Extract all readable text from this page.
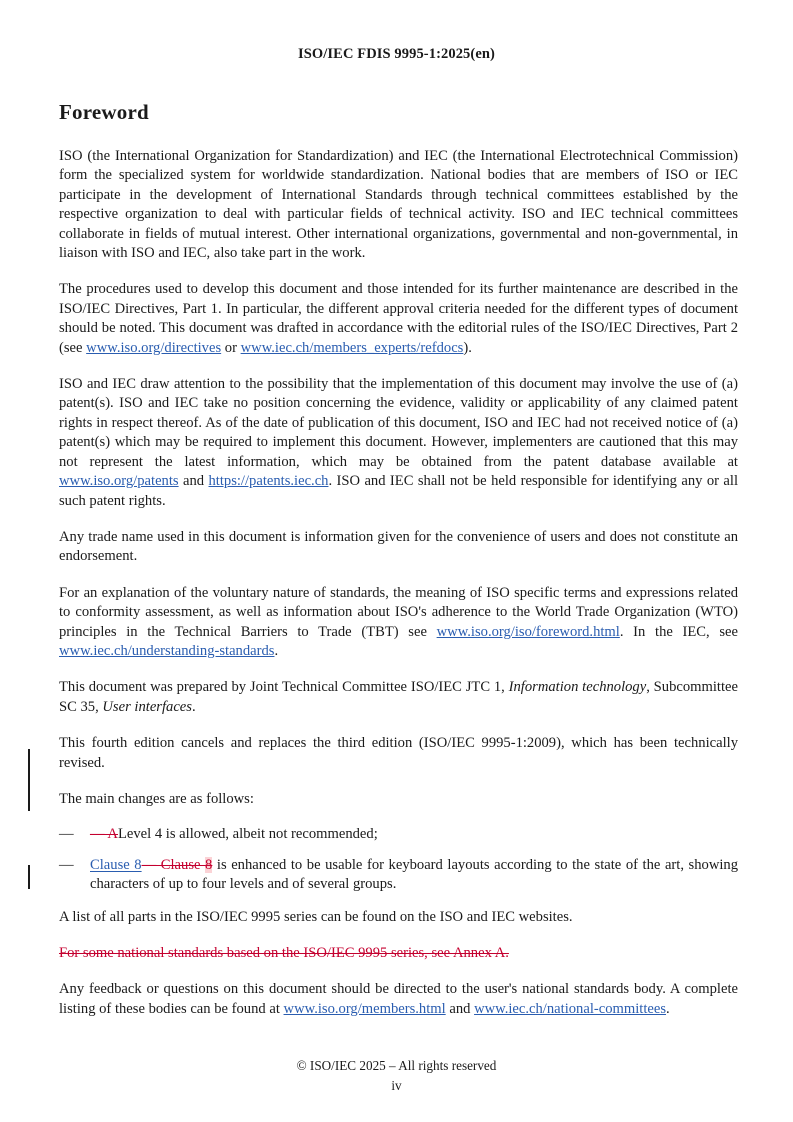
ISO/IEC FDIS 9995-1:2025(en)
Foreword

ISO (the International Organization for Standardization) and IEC (the International Electrotechnical Commission) form the specialized system for worldwide standardization. National bodies that are members of ISO or IEC participate in the development of International Standards through technical committees established by the respective organization to deal with particular fields of technical activity. ISO and IEC technical committees collaborate in fields of mutual interest. Other international organizations, governmental and non-governmental, in liaison with ISO and IEC, also take part in the work.

The procedures used to develop this document and those intended for its further maintenance are described in the ISO/IEC Directives, Part 1. In particular, the different approval criteria needed for the different types of document should be noted. This document was drafted in accordance with the editorial rules of the ISO/IEC Directives, Part 2 (see www.iso.org/directives or www.iec.ch/members_experts/refdocs).

ISO and IEC draw attention to the possibility that the implementation of this document may involve the use of (a) patent(s). ISO and IEC take no position concerning the evidence, validity or applicability of any claimed patent rights in respect thereof. As of the date of publication of this document, ISO and IEC had not received notice of (a) patent(s) which may be required to implement this document. However, implementers are cautioned that this may not represent the latest information, which may be obtained from the patent database available at www.iso.org/patents and https://patents.iec.ch. ISO and IEC shall not be held responsible for identifying any or all such patent rights.

Any trade name used in this document is information given for the convenience of users and does not constitute an endorsement.

For an explanation of the voluntary nature of standards, the meaning of ISO specific terms and expressions related to conformity assessment, as well as information about ISO's adherence to the World Trade Organization (WTO) principles in the Technical Barriers to Trade (TBT) see www.iso.org/iso/foreword.html. In the IEC, see www.iec.ch/understanding-standards.

This document was prepared by Joint Technical Committee ISO/IEC JTC 1, Information technology, Subcommittee SC 35, User interfaces.

This fourth edition cancels and replaces the third edition (ISO/IEC 9995-1:2009), which has been technically revised.

The main changes are as follows:

— — ALevel 4 is allowed, albeit not recommended;
— Clause 8— Clause 8 is enhanced to be usable for keyboard layouts according to the state of the art, showing characters of up to four levels and of several groups.

A list of all parts in the ISO/IEC 9995 series can be found on the ISO and IEC websites.

For some national standards based on the ISO/IEC 9995 series, see Annex A.

Any feedback or questions on this document should be directed to the user's national standards body. A complete listing of these bodies can be found at www.iso.org/members.html and www.iec.ch/national-committees.

© ISO/IEC 2025 – All rights reserved
iv
